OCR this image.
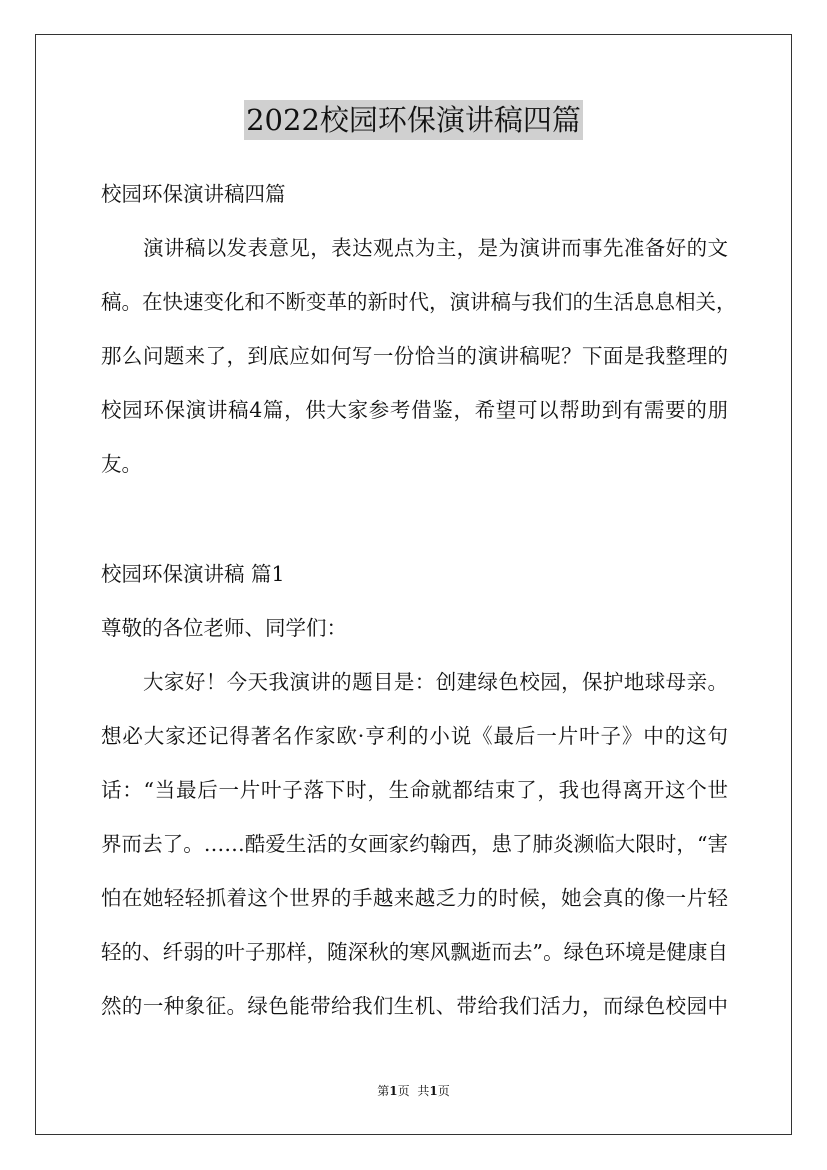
2022校园环保演讲稿四篇
校园环保演讲稿四篇
演讲稿以发表意见，表达观点为主，是为演讲而事先准备好的文
稿。在快速变化和不断变革的新时代，演讲稿与我们的生活息息相关，
那么问题来了，到底应如何写一份恰当的演讲稿呢？下面是我整理的
校园环保演讲稿4篇，供大家参考借鉴，希望可以帮助到有需要的朋
友。
校园环保演讲稿 篇1
尊敬的各位老师、同学们：
大家好！今天我演讲的题目是：创建绿色校园，保护地球母亲。
想必大家还记得著名作家欧·亨利的小说《最后一片叶子》中的这句
话：“当最后一片叶子落下时，生命就都结束了，我也得离开这个世
界而去了。……酷爱生活的女画家约翰西，患了肺炎濒临大限时，“害
怕在她轻轻抓着这个世界的手越来越乏力的时候，她会真的像一片轻
轻的、纤弱的叶子那样，随深秋的寒风飘逝而去”。绿色环境是健康自
然的一种象征。绿色能带给我们生机、带给我们活力，而绿色校园中
第1页 共1页
